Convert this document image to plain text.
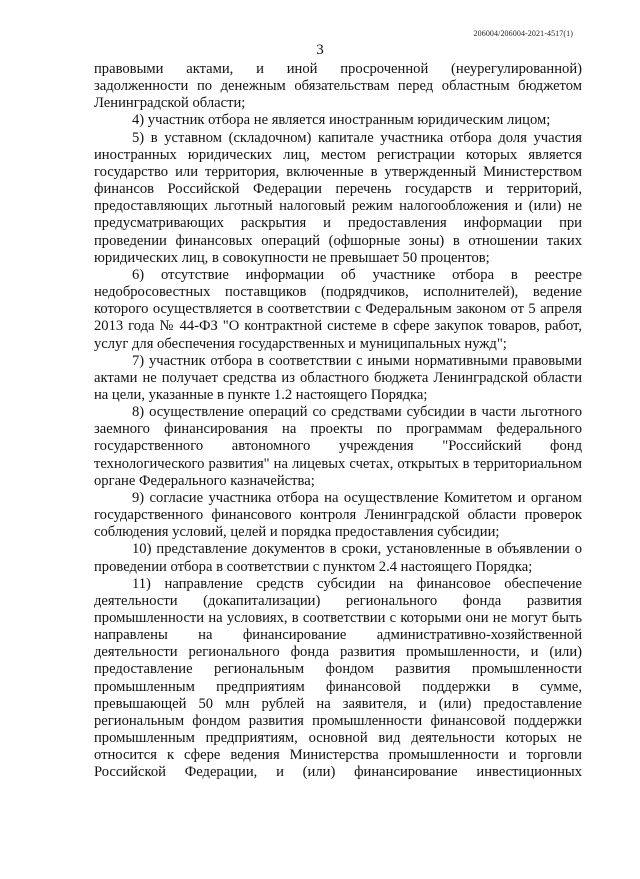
206004/206004-2021-4517(1)
3

правовыми актами, и иной просроченной (неурегулированной) задолженности по денежным обязательствам перед областным бюджетом Ленинградской области;

4) участник отбора не является иностранным юридическим лицом;

5) в уставном (складочном) капитале участника отбора доля участия иностранных юридических лиц, местом регистрации которых является государство или территория, включенные в утвержденный Министерством финансов Российской Федерации перечень государств и территорий, предоставляющих льготный налоговый режим налогообложения и (или) не предусматривающих раскрытия и предоставления информации при проведении финансовых операций (офшорные зоны) в отношении таких юридических лиц, в совокупности не превышает 50 процентов;

6) отсутствие информации об участнике отбора в реестре недобросовестных поставщиков (подрядчиков, исполнителей), ведение которого осуществляется в соответствии с Федеральным законом от 5 апреля 2013 года № 44-ФЗ "О контрактной системе в сфере закупок товаров, работ, услуг для обеспечения государственных и муниципальных нужд";

7) участник отбора в соответствии с иными нормативными правовыми актами не получает средства из областного бюджета Ленинградской области на цели, указанные в пункте 1.2 настоящего Порядка;

8) осуществление операций со средствами субсидии в части льготного заемного финансирования на проекты по программам федерального государственного автономного учреждения "Российский фонд технологического развития" на лицевых счетах, открытых в территориальном органе Федерального казначейства;

9) согласие участника отбора на осуществление Комитетом и органом государственного финансового контроля Ленинградской области проверок соблюдения условий, целей и порядка предоставления субсидии;

10) представление документов в сроки, установленные в объявлении о проведении отбора в соответствии с пунктом 2.4 настоящего Порядка;

11) направление средств субсидии на финансовое обеспечение деятельности (докапитализации) регионального фонда развития промышленности на условиях, в соответствии с которыми они не могут быть направлены на финансирование административно-хозяйственной деятельности регионального фонда развития промышленности, и (или) предоставление региональным фондом развития промышленности промышленным предприятиям финансовой поддержки в сумме, превышающей 50 млн рублей на заявителя, и (или) предоставление региональным фондом развития промышленности финансовой поддержки промышленным предприятиям, основной вид деятельности которых не относится к сфере ведения Министерства промышленности и торговли Российской Федерации, и (или) финансирование инвестиционных
